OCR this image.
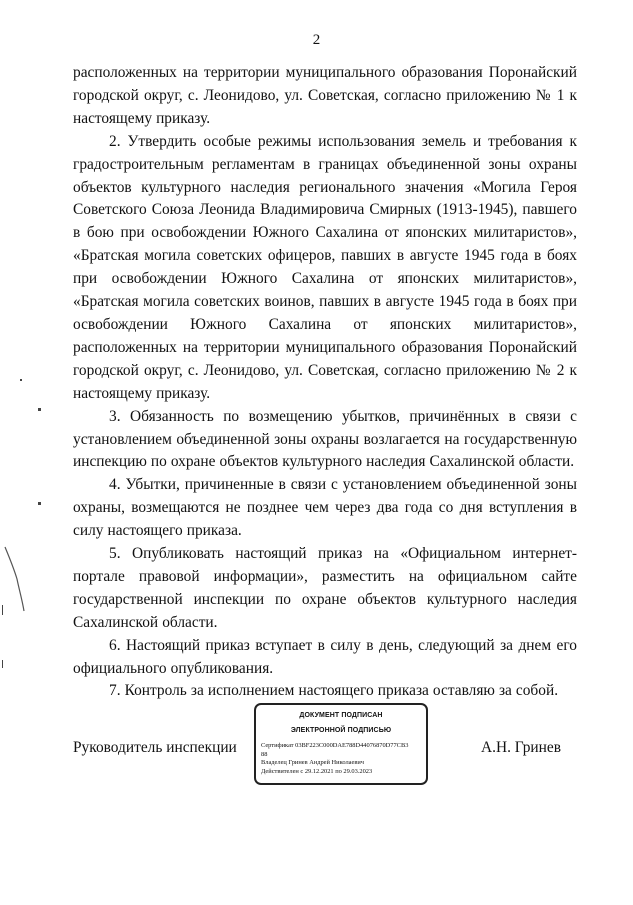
2

расположенных на территории муниципального образования Поронайский городской округ, с. Леонидово, ул. Советская, согласно приложению № 1 к настоящему приказу.

2. Утвердить особые режимы использования земель и требования к градостроительным регламентам в границах объединенной зоны охраны объектов культурного наследия регионального значения «Могила Героя Советского Союза Леонида Владимировича Смирных (1913-1945), павшего в бою при освобождении Южного Сахалина от японских милитаристов», «Братская могила советских офицеров, павших в августе 1945 года в боях при освобождении Южного Сахалина от японских милитаристов», «Братская могила советских воинов, павших в августе 1945 года в боях при освобождении Южного Сахалина от японских милитаристов», расположенных на территории муниципального образования Поронайский городской округ, с. Леонидово, ул. Советская, согласно приложению № 2 к настоящему приказу.

3. Обязанность по возмещению убытков, причинённых в связи с установлением объединенной зоны охраны возлагается на государственную инспекцию по охране объектов культурного наследия Сахалинской области.

4. Убытки, причиненные в связи с установлением объединенной зоны охраны, возмещаются не позднее чем через два года со дня вступления в силу настоящего приказа.

5. Опубликовать настоящий приказ на «Официальном интернет-портале правовой информации», разместить на официальном сайте государственной инспекции по охране объектов культурного наследия Сахалинской области.

6. Настоящий приказ вступает в силу в день, следующий за днем его официального опубликования.

7. Контроль за исполнением настоящего приказа оставляю за собой.

Руководитель инспекции
ДОКУМЕНТ ПОДПИСАН
ЭЛЕКТРОННОЙ ПОДПИСЬЮ
Сертификат 03BF223C000DAE788D44076870D77CB3
88
Владелец Гринев Андрей Николаевич
Действителен с 29.12.2021 по 29.03.2023
А.Н. Гринев
